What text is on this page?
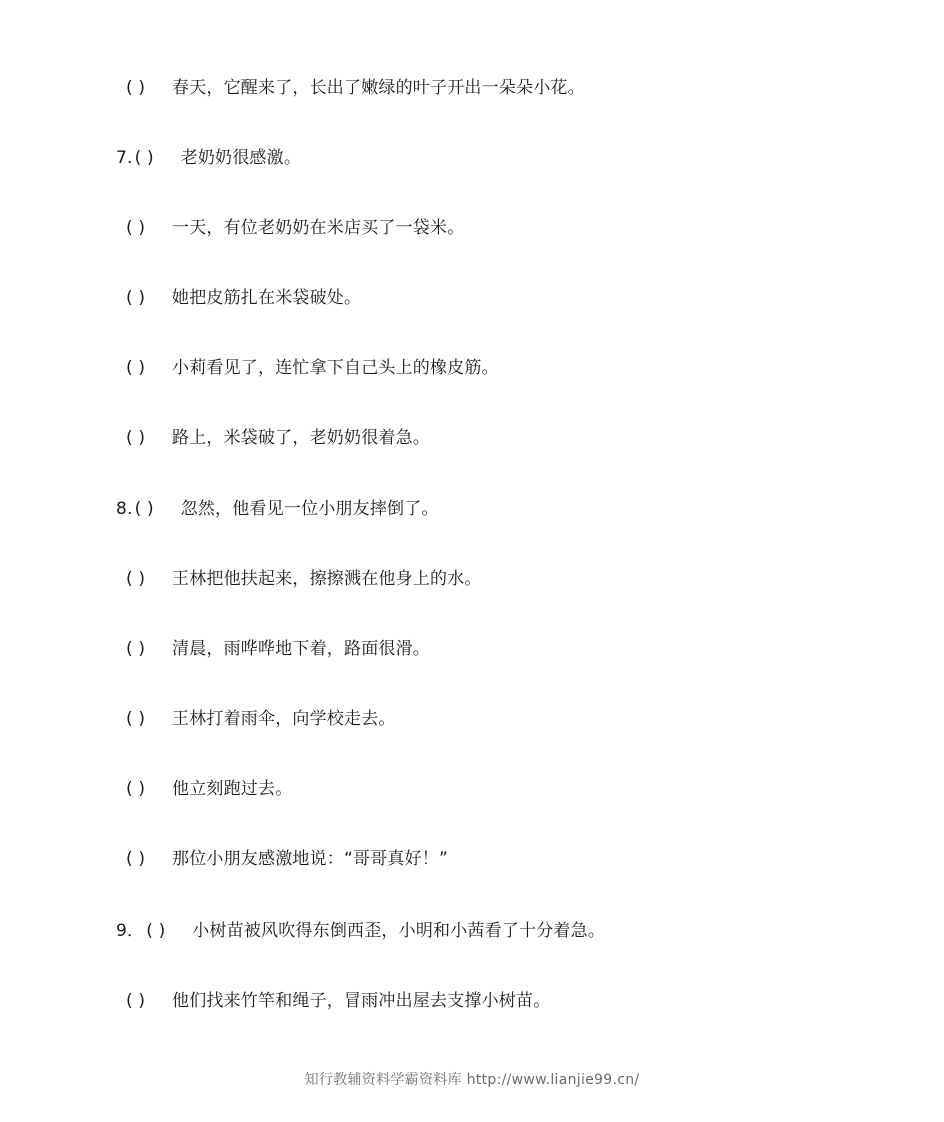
( ) 春天，它醒来了，长出了嫩绿的叶子开出一朵朵小花。
7. ( ) 老奶奶很感激。
( ) 一天，有位老奶奶在米店买了一袋米。
( ) 她把皮筋扎在米袋破处。
( ) 小莉看见了，连忙拿下自己头上的橡皮筋。
( ) 路上，米袋破了，老奶奶很着急。
8. ( ) 忽然，他看见一位小朋友摔倒了。
( ) 王林把他扶起来，擦擦溅在他身上的水。
( ) 清晨，雨哗哗地下着，路面很滑。
( ) 王林打着雨伞，向学校走去。
( ) 他立刻跑过去。
( ) 那位小朋友感激地说：“哥哥真好！”
9． ( ) 小树苗被风吹得东倒西歪，小明和小茜看了十分着急。
( ) 他们找来竹竿和绳子，冒雨冲出屋去支撑小树苗。
知行教辅资料学霸资料库 http://www.lianjie99.cn/
